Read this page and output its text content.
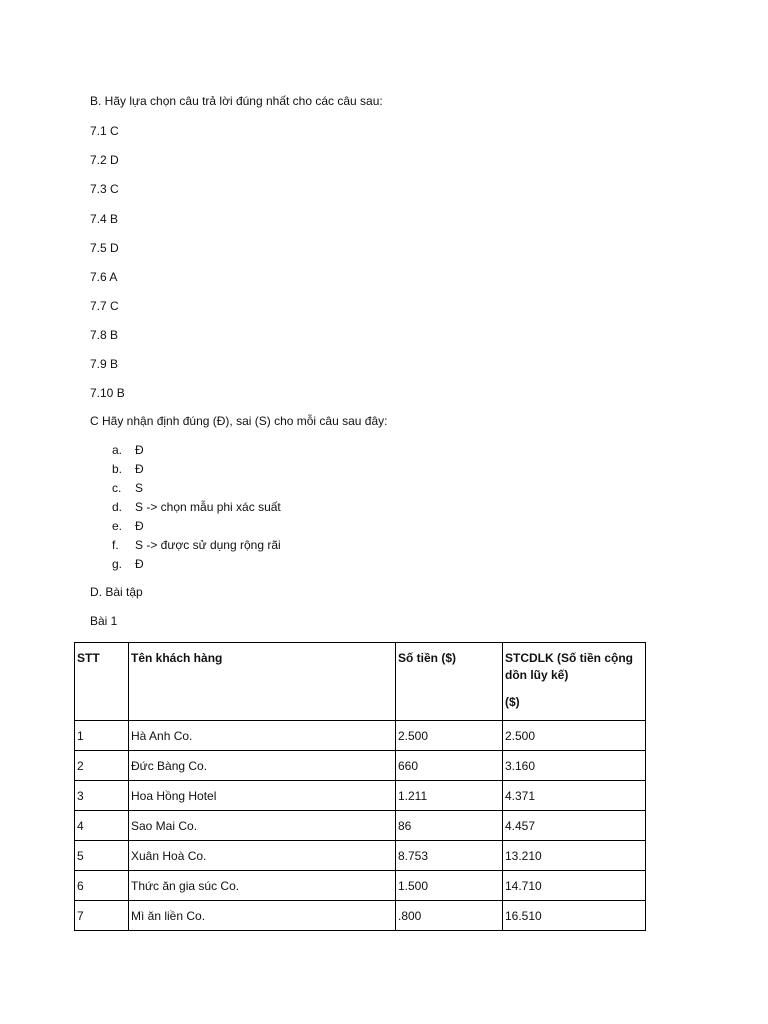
B. Hãy lựa chọn câu trả lời đúng nhất cho các câu sau:
7.1 C
7.2 D
7.3 C
7.4 B
7.5 D
7.6 A
7.7 C
7.8 B
7.9 B
7.10 B
C Hãy nhận định đúng (Đ), sai (S) cho mỗi câu sau đây:
a.	Đ
b.	Đ
c.	S
d.	S -> chọn mẫu phi xác suất
e.	Đ
f.	S -> được sử dụng rộng rãi
g.	Đ
D. Bài tập
Bài 1
STT	Tên khách hàng	Số tiền ($)	STCDLK (Số tiền cộng dồn lũy kế)
($)

1	Hà Anh Co.	2.500	2.500
2	Đức Bàng Co.	660	3.160
3	Hoa Hồng Hotel	1.211	4.371
4	Sao Mai Co.	86	4.457
5	Xuân Hoà Co.	8.753	13.210
6	Thức ăn gia súc Co.	1.500	14.710
7	Mì ăn liền Co.	.800	16.510
